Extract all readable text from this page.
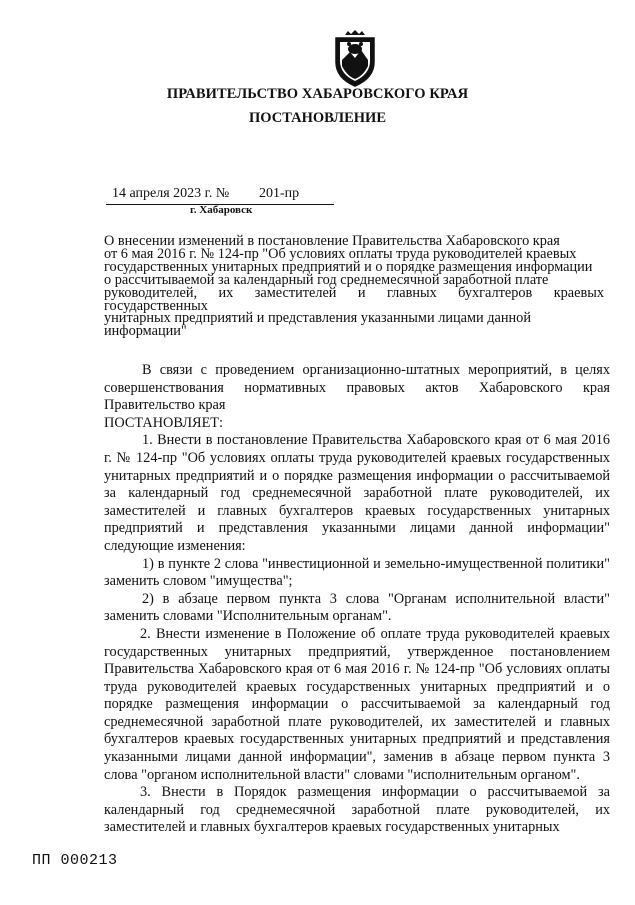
ПРАВИТЕЛЬСТВО ХАБАРОВСКОГО КРАЯ
ПОСТАНОВЛЕНИЕ
14 апреля 2023 г. № 201-пр
г. Хабаровск
О внесении изменений в постановление Правительства Хабаровского края
от 6 мая 2016 г. № 124-пр "Об условиях оплаты труда руководителей краевых
государственных унитарных предприятий и о порядке размещения информации
о рассчитываемой за календарный год среднемесячной заработной плате
руководителей, их заместителей и главных бухгалтеров краевых государственных
унитарных предприятий и представления указанными лицами данной
информации"

В связи с проведением организационно-штатных мероприятий, в целях совершенствования нормативных правовых актов Хабаровского края Правительство края

ПОСТАНОВЛЯЕТ:

1. Внести в постановление Правительства Хабаровского края от 6 мая 2016 г. № 124-пр "Об условиях оплаты труда руководителей краевых государственных унитарных предприятий и о порядке размещения информации о рассчитываемой за календарный год среднемесячной заработной плате руководителей, их заместителей и главных бухгалтеров краевых государственных унитарных предприятий и представления указанными лицами данной информации" следующие изменения:

1) в пункте 2 слова "инвестиционной и земельно-имущественной политики" заменить словом "имущества";

2) в абзаце первом пункта 3 слова "Органам исполнительной власти" заменить словами "Исполнительным органам".

2. Внести изменение в Положение об оплате труда руководителей краевых государственных унитарных предприятий, утвержденное постановлением Правительства Хабаровского края от 6 мая 2016 г. № 124-пр "Об условиях оплаты труда руководителей краевых государственных унитарных предприятий и о порядке размещения информации о рассчитываемой за календарный год среднемесячной заработной плате руководителей, их заместителей и главных бухгалтеров краевых государственных унитарных предприятий и представления указанными лицами данной информации", заменив в абзаце первом пункта 3 слова "органом исполнительной власти" словами "исполнительным органом".

3. Внести в Порядок размещения информации о рассчитываемой за календарный год среднемесячной заработной плате руководителей, их заместителей и главных бухгалтеров краевых государственных унитарных

ПП 000213
